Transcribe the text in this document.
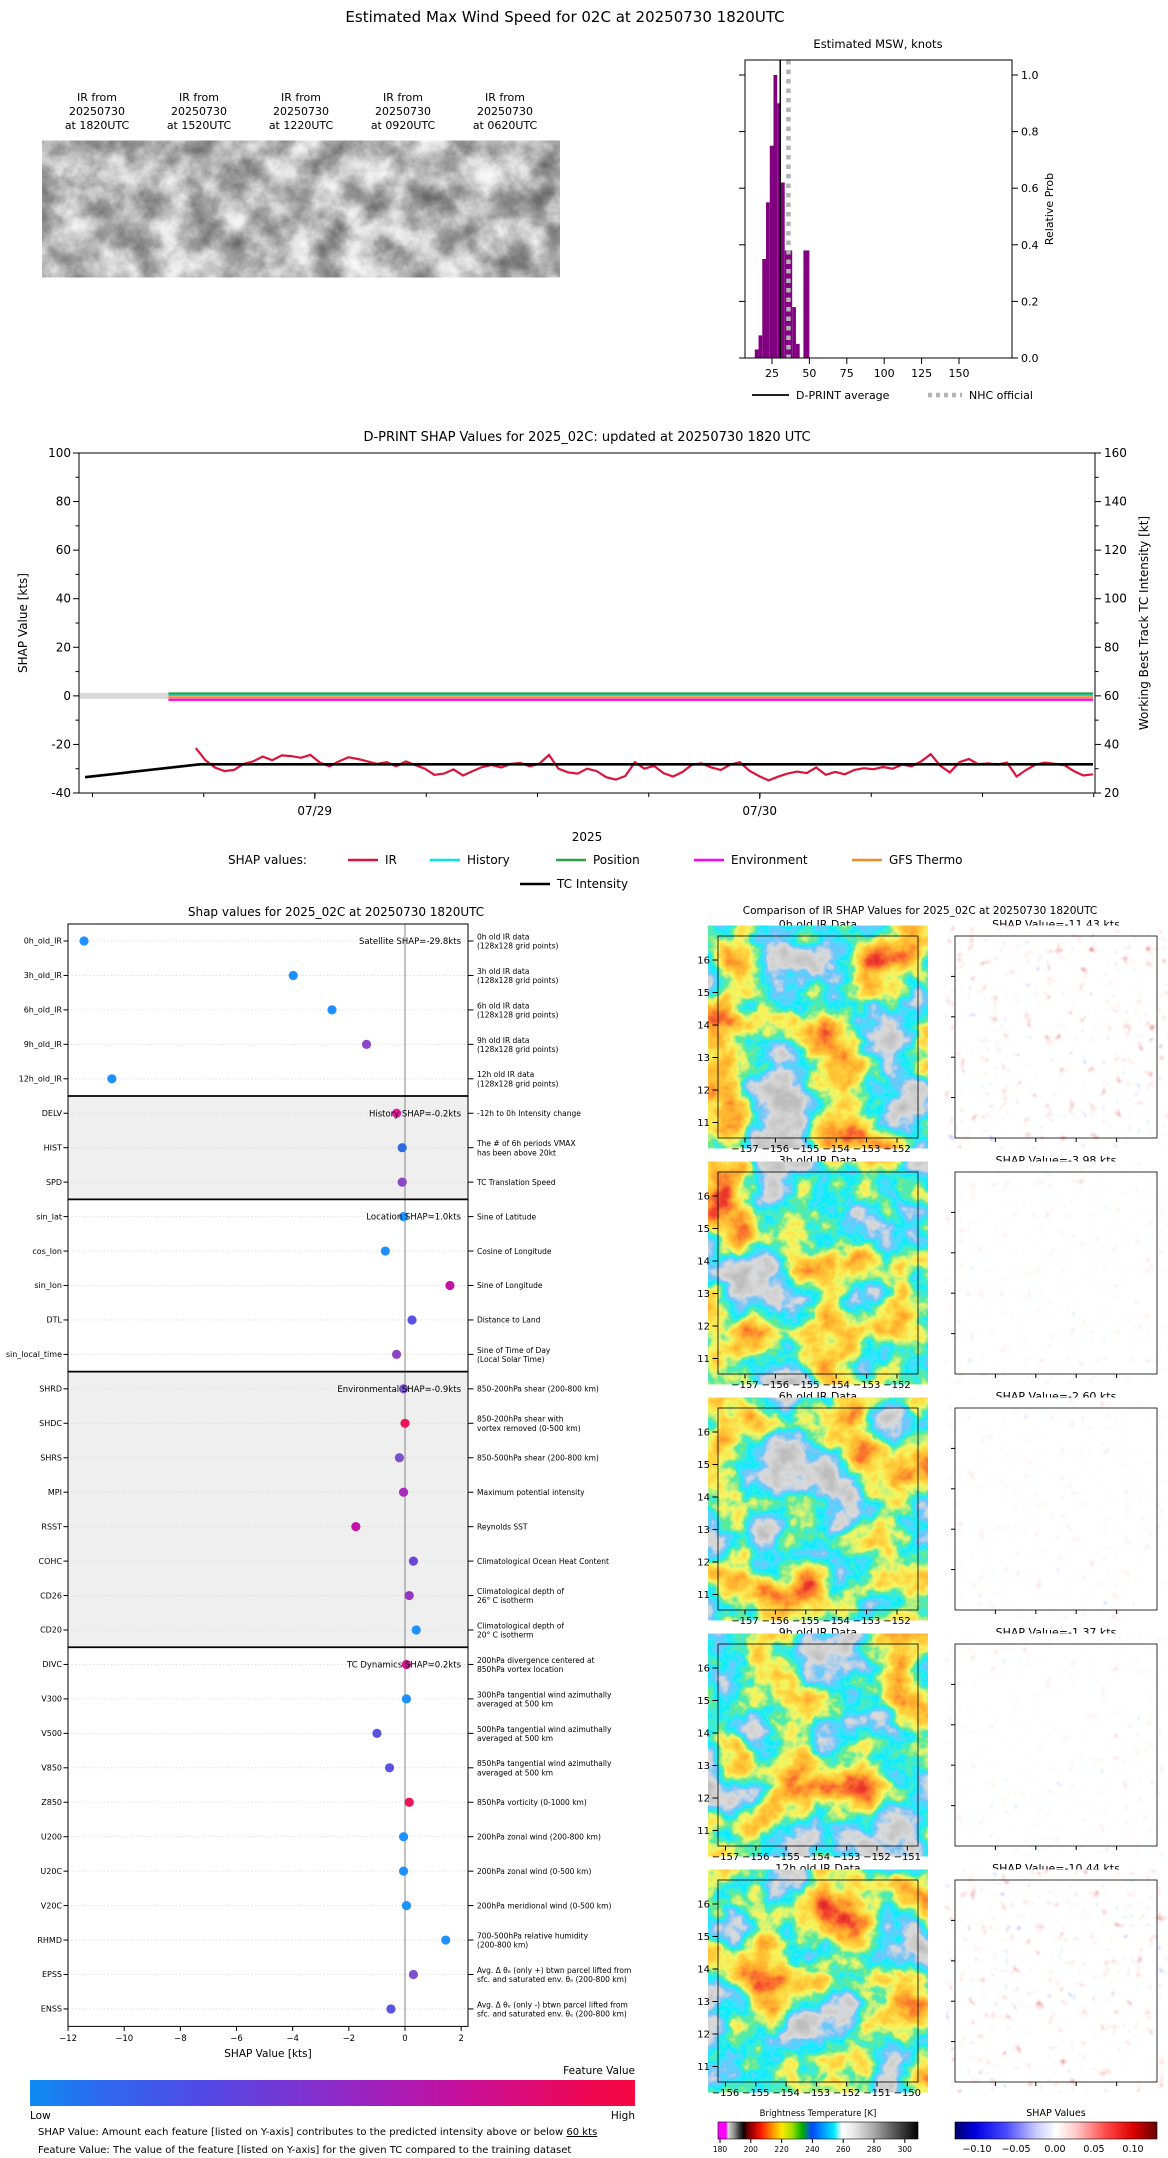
Estimated Max Wind Speed for 02C at 20250730 1820UTC
IR from
20250730
at 1820UTC
IR from
20250730
at 1520UTC
IR from
20250730
at 1220UTC
IR from
20250730
at 0920UTC
IR from
20250730
at 0620UTC
Estimated MSW, knots
Relative Prob
D-PRINT average	NHC official
0.0
0.2
0.4
0.6
0.8
1.0
25 50 75 100 125 150
D-PRINT SHAP Values for 2025_02C: updated at 20250730 1820 UTC
SHAP Value [kts]	Working Best Track TC Intensity [kt]
2025
100	160
80	140
60	120
40	100
20	80
0	60
-20	40
-40	20
07/29	07/30
SHAP values:	IR	History	Position	Environment	GFS Thermo
TC Intensity
Shap values for 2025_02C at 20250730 1820UTC
SHAP Value [kts]
Feature Value
Low	High
SHAP Value: Amount each feature [listed on Y-axis] contributes to the predicted intensity above or below 60 kts
Feature Value: The value of the feature [listed on Y-axis] for the given TC compared to the training dataset
0h_old_IR	0h old IR data
(128x128 grid points)
3h_old_IR	3h old IR data
(128x128 grid points)
6h_old_IR	6h old IR data
(128x128 grid points)
9h_old_IR	9h old IR data
(128x128 grid points)
12h_old_IR	12h old IR data
(128x128 grid points)
DELV	-12h to 0h Intensity change
HIST	The # of 6h periods VMAX
has been above 20kt
SPD	TC Translation Speed
sin_lat	Sine of Latitude
cos_lon	Cosine of Longitude
sin_lon	Sine of Longitude
DTL	Distance to Land
sin_local_time	Sine of Time of Day
(Local Solar Time)
SHRD	850-200hPa shear (200-800 km)
SHDC	850-200hPa shear with
vortex removed (0-500 km)
SHRS	850-500hPa shear (200-800 km)
MPI	Maximum potential intensity
RSST	Reynolds SST
COHC	Climatological Ocean Heat Content
CD26	Climatological depth of
26° C isotherm
CD20	Climatological depth of
20° C isotherm
DIVC	200hPa divergence centered at
850hPa vortex location
V300	300hPa tangential wind azimuthally
averaged at 500 km
V500	500hPa tangential wind azimuthally
averaged at 500 km
V850	850hPa tangential wind azimuthally
averaged at 500 km
Z850	850hPa vorticity (0-1000 km)
U200	200hPa zonal wind (200-800 km)
U20C	200hPa zonal wind (0-500 km)
V20C	200hPa meridional wind (0-500 km)
RHMD	700-500hPa relative humidity
(200-800 km)
EPSS	Avg. Δ θₑ (only +) btwn parcel lifted from
sfc. and saturated env. θₑ (200-800 km)
ENSS	Avg. Δ θₑ (only -) btwn parcel lifted from
sfc. and saturated env. θₑ (200-800 km)
Satellite SHAP=-29.8kts
History SHAP=-0.2kts
Location SHAP=1.0kts
Environmental SHAP=-0.9kts
TC Dynamics SHAP=0.2kts
−12	−10	−8	−6	−4	−2	0	2
Comparison of IR SHAP Values for 2025_02C at 20250730 1820UTC
Brightness Temperature [K]	SHAP Values
0h old IR Data	SHAP Value=-11.43 kts
16
15
14
13
12
11
−157 −156 −155 −154 −153 −152
3h old IR Data	SHAP Value=-3.98 kts
16
15
14
13
12
11
−157 −156 −155 −154 −153 −152
6h old IR Data	SHAP Value=-2.60 kts
16
15
14
13
12
11
−157 −156 −155 −154 −153 −152
9h old IR Data	SHAP Value=-1.37 kts
16
15
14
13
12
11
−157 −156 −155 −154 −153 −152 −151
12h old IR Data	SHAP Value=-10.44 kts
16
15
14
13
12
11
−156 −155 −154 −153 −152 −151 −150
180 200 220 240 260 280 300	−0.10 −0.05 0.00 0.05 0.10
